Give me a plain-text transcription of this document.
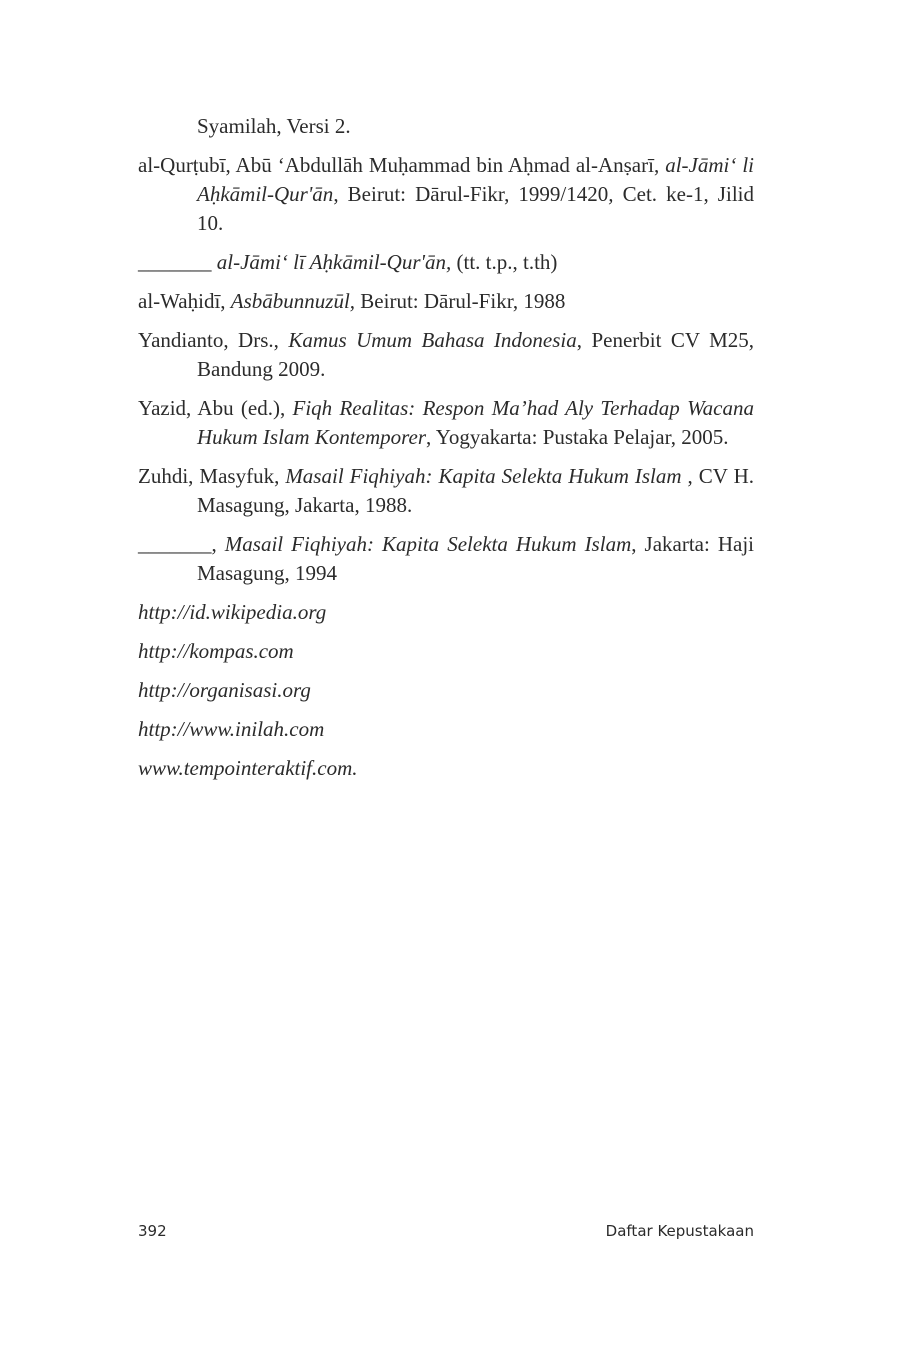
Syamilah, Versi 2.

al-Qurṭubī, Abū ‘Abdullāh Muḥammad bin Aḥmad al-Anṣarī, al-Jāmi‘ li Aḥkāmil-Qur'ān, Beirut: Dārul-Fikr, 1999/1420, Cet. ke-1, Jilid 10.

_______ al-Jāmi‘ lī Aḥkāmil-Qur'ān, (tt. t.p., t.th)

al-Waḥidī, Asbābunnuzūl, Beirut: Dārul-Fikr, 1988

Yandianto, Drs., Kamus Umum Bahasa Indonesia, Penerbit CV M25, Bandung 2009.

Yazid, Abu (ed.), Fiqh Realitas: Respon Ma’had Aly Terhadap Wacana Hukum Islam Kontemporer, Yogyakarta: Pustaka Pelajar, 2005.

Zuhdi, Masyfuk, Masail Fiqhiyah: Kapita Selekta Hukum Islam , CV H. Masagung, Jakarta, 1988.

_______, Masail Fiqhiyah: Kapita Selekta Hukum Islam, Jakarta: Haji Masagung, 1994

http://id.wikipedia.org

http://kompas.com

http://organisasi.org

http://www.inilah.com

www.tempointeraktif.com.

392	Daftar Kepustakaan
